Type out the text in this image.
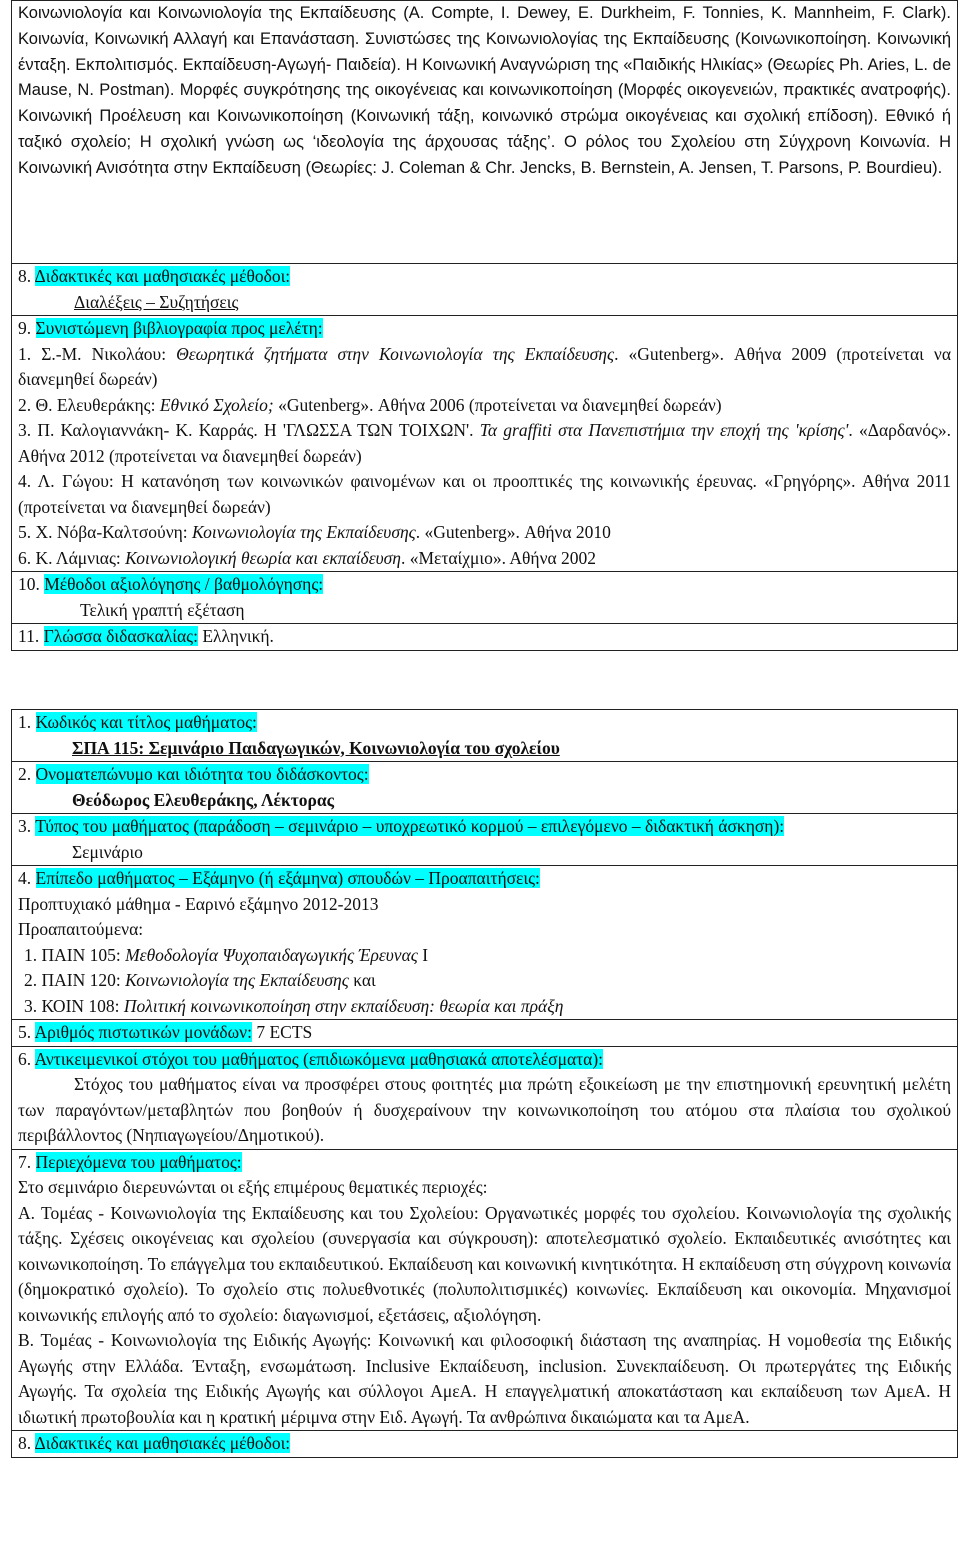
Κοινωνιολογία και Κοινωνιολογία της Εκπαίδευσης (A. Compte, I. Dewey, E. Durkheim, F. Tonnies, K. Mannheim, F. Clark). Κοινωνία, Κοινωνική Αλλαγή και Επανάσταση. Συνιστώσες της Κοινωνιολογίας της Εκπαίδευσης (Κοινωνικοποίηση. Κοινωνική ένταξη. Εκπολιτισμός. Εκπαίδευση-Αγωγή- Παιδεία). Η Κοινωνική Αναγνώριση της «Παιδικής Ηλικίας» (Θεωρίες Ph. Aries, L. de Mause, N. Postman). Μορφές συγκρότησης της οικογένειας και κοινωνικοποίηση (Μορφές οικογενειών, πρακτικές ανατροφής). Κοινωνική Προέλευση και Κοινωνικοποίηση (Κοινωνική τάξη, κοινωνικό στρώμα οικογένειας και σχολική επίδοση). Εθνικό ή ταξικό σχολείο; Η σχολική γνώση ως ‘ιδεολογία της άρχουσας τάξης’. Ο ρόλος του Σχολείου στη Σύγχρονη Κοινωνία. Η Κοινωνική Ανισότητα στην Εκπαίδευση (Θεωρίες: J. Coleman & Chr. Jencks, B. Bernstein, A. Jensen, T. Parsons, P. Bourdieu).
8. Διδακτικές και μαθησιακές μέθοδοι:
Διαλέξεις – Συζητήσεις

9. Συνιστώμενη βιβλιογραφία προς μελέτη:
1. Σ.-Μ. Νικολάου: Θεωρητικά ζητήματα στην Κοινωνιολογία της Εκπαίδευσης. «Gutenberg». Αθήνα 2009 (προτείνεται να διανεμηθεί δωρεάν)
2. Θ. Ελευθεράκης: Εθνικό Σχολείο; «Gutenberg». Αθήνα 2006 (προτείνεται να διανεμηθεί δωρεάν)
3. Π. Καλογιαννάκη- Κ. Καρράς. Η 'ΓΛΩΣΣΑ ΤΩΝ ΤΟΙΧΩΝ'. Τα graffiti στα Πανεπιστήμια την εποχή της 'κρίσης'. «Δαρδανός». Αθήνα 2012 (προτείνεται να διανεμηθεί δωρεάν)
4. Λ. Γώγου: Η κατανόηση των κοινωνικών φαινομένων και οι προοπτικές της κοινωνικής έρευνας. «Γρηγόρης». Αθήνα 2011 (προτείνεται να διανεμηθεί δωρεάν)
5. Χ. Νόβα-Καλτσούνη: Κοινωνιολογία της Εκπαίδευσης. «Gutenberg». Αθήνα 2010
6. Κ. Λάμνιας: Κοινωνιολογική θεωρία και εκπαίδευση. «Μεταίχμιο». Αθήνα 2002

10. Μέθοδοι αξιολόγησης / βαθμολόγησης:
Τελική γραπτή εξέταση

11. Γλώσσα διδασκαλίας: Ελληνική.
1. Κωδικός και τίτλος μαθήματος:
ΣΠΑ 115: Σεμινάριο Παιδαγωγικών, Κοινωνιολογία του σχολείου

2. Ονοματεπώνυμο και ιδιότητα του διδάσκοντος:
Θεόδωρος Ελευθεράκης, Λέκτορας

3. Τύπος του μαθήματος (παράδοση – σεμινάριο – υποχρεωτικό κορμού – επιλεγόμενο – διδακτική άσκηση):
Σεμινάριο

4. Επίπεδο μαθήματος – Εξάμηνο (ή εξάμηνα) σπουδών – Προαπαιτήσεις:
Προπτυχιακό μάθημα - Εαρινό εξάμηνο 2012-2013
Προαπαιτούμενα:
1. ΠΑΙΝ 105: Μεθοδολογία Ψυχοπαιδαγωγικής Έρευνας Ι
2. ΠΑΙΝ 120: Κοινωνιολογία της Εκπαίδευσης και
3. ΚΟΙΝ 108: Πολιτική κοινωνικοποίηση στην εκπαίδευση: θεωρία και πράξη

5. Αριθμός πιστωτικών μονάδων: 7 ECTS
6. Αντικειμενικοί στόχοι του μαθήματος (επιδιωκόμενα μαθησιακά αποτελέσματα):
Στόχος του μαθήματος είναι να προσφέρει στους φοιτητές μια πρώτη εξοικείωση με την επιστημονική ερευνητική μελέτη των παραγόντων/μεταβλητών που βοηθούν ή δυσχεραίνουν την κοινωνικοποίηση του ατόμου στα πλαίσια του σχολικού περιβάλλοντος (Νηπιαγωγείου/Δημοτικού).

7. Περιεχόμενα του μαθήματος:
Στο σεμινάριο διερευνώνται οι εξής επιμέρους θεματικές περιοχές:
Α. Τομέας - Κοινωνιολογία της Εκπαίδευσης και του Σχολείου: Οργανωτικές μορφές του σχολείου. Κοινωνιολογία της σχολικής τάξης. Σχέσεις οικογένειας και σχολείου (συνεργασία και σύγκρουση): αποτελεσματικό σχολείο. Εκπαιδευτικές ανισότητες και κοινωνικοποίηση. Το επάγγελμα του εκπαιδευτικού. Εκπαίδευση και κοινωνική κινητικότητα. Η εκπαίδευση στη σύγχρονη κοινωνία (δημοκρατικό σχολείο). Το σχολείο στις πολυεθνοτικές (πολυπολιτισμικές) κοινωνίες. Εκπαίδευση και οικονομία. Μηχανισμοί κοινωνικής επιλογής από το σχολείο: διαγωνισμοί, εξετάσεις, αξιολόγηση.
Β. Τομέας - Κοινωνιολογία της Ειδικής Αγωγής: Κοινωνική και φιλοσοφική διάσταση της αναπηρίας. Η νομοθεσία της Ειδικής Αγωγής στην Ελλάδα. Ένταξη, ενσωμάτωση. Inclusive Εκπαίδευση, inclusion. Συνεκπαίδευση. Οι πρωτεργάτες της Ειδικής Αγωγής. Τα σχολεία της Ειδικής Αγωγής και σύλλογοι ΑμεΑ. Η επαγγελματική αποκατάσταση και εκπαίδευση των ΑμεΑ. Η ιδιωτική πρωτοβουλία και η κρατική μέριμνα στην Ειδ. Αγωγή. Τα ανθρώπινα δικαιώματα και τα ΑμεΑ.

8. Διδακτικές και μαθησιακές μέθοδοι:
